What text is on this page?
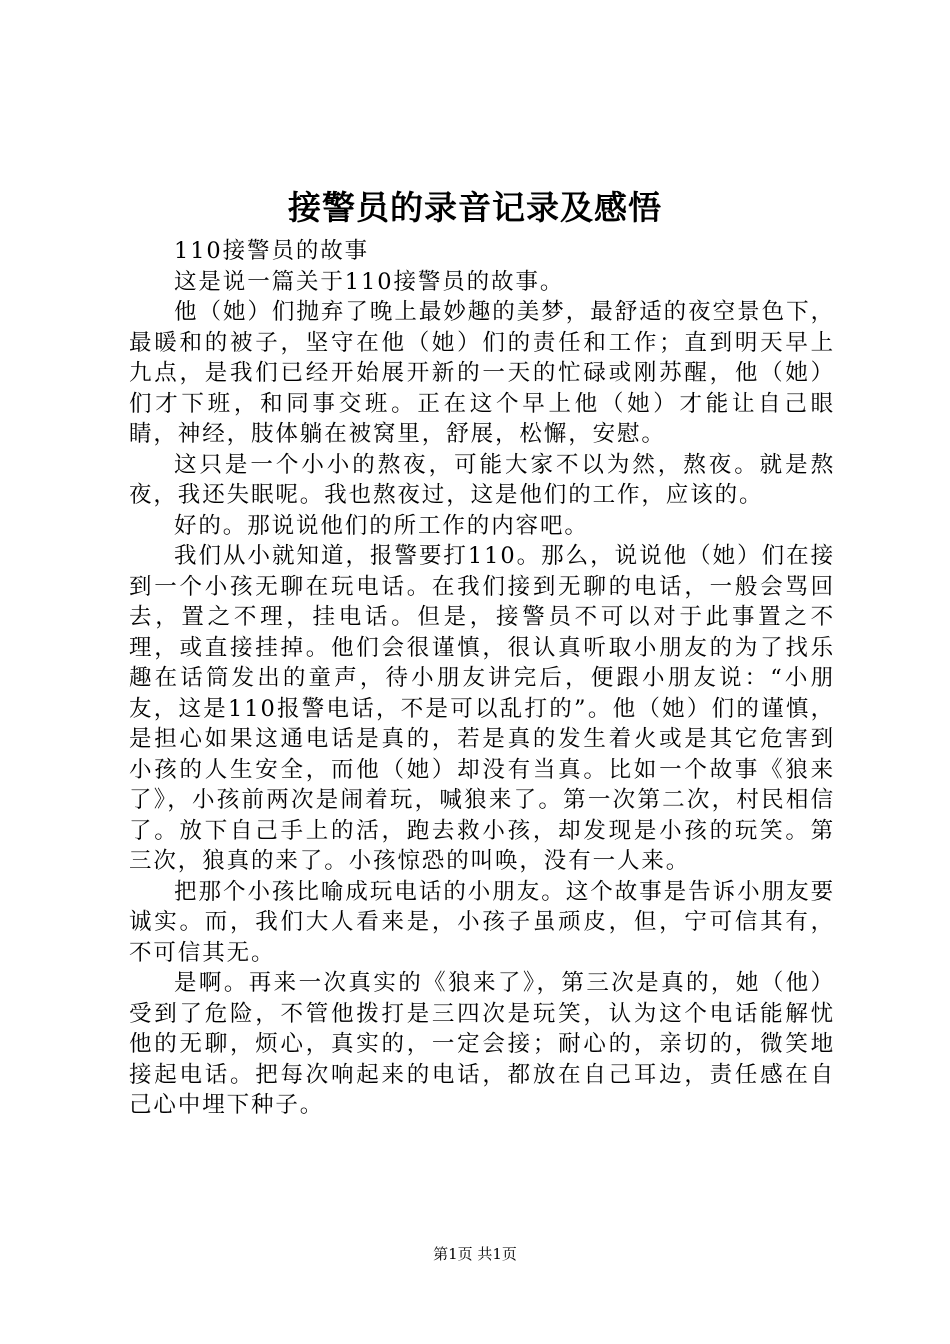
接警员的录音记录及感悟

110接警员的故事

这是说一篇关于110接警员的故事。

他（她）们抛弃了晚上最妙趣的美梦，最舒适的夜空景色下，最暖和的被子，坚守在他（她）们的责任和工作；直到明天早上九点，是我们已经开始展开新的一天的忙碌或刚苏醒，他（她）们才下班，和同事交班。正在这个早上他（她）才能让自己眼睛，神经，肢体躺在被窝里，舒展，松懈，安慰。

这只是一个小小的熬夜，可能大家不以为然，熬夜。就是熬夜，我还失眠呢。我也熬夜过，这是他们的工作，应该的。

好的。那说说他们的所工作的内容吧。

我们从小就知道，报警要打110。那么，说说他（她）们在接到一个小孩无聊在玩电话。在我们接到无聊的电话，一般会骂回去，置之不理，挂电话。但是，接警员不可以对于此事置之不理，或直接挂掉。他们会很谨慎，很认真听取小朋友的为了找乐趣在话筒发出的童声，待小朋友讲完后，便跟小朋友说：“小朋友，这是110报警电话，不是可以乱打的”。他（她）们的谨慎，是担心如果这通电话是真的，若是真的发生着火或是其它危害到小孩的人生安全，而他（她）却没有当真。比如一个故事《狼来了》，小孩前两次是闹着玩，喊狼来了。第一次第二次，村民相信了。放下自己手上的活，跑去救小孩，却发现是小孩的玩笑。第三次，狼真的来了。小孩惊恐的叫唤，没有一人来。

把那个小孩比喻成玩电话的小朋友。这个故事是告诉小朋友要诚实。而，我们大人看来是，小孩子虽顽皮，但，宁可信其有，不可信其无。

是啊。再来一次真实的《狼来了》，第三次是真的，她（他）受到了危险，不管他拨打是三四次是玩笑，认为这个电话能解忧他的无聊，烦心，真实的，一定会接；耐心的，亲切的，微笑地接起电话。把每次响起来的电话，都放在自己耳边，责任感在自己心中埋下种子。

第1页 共1页
